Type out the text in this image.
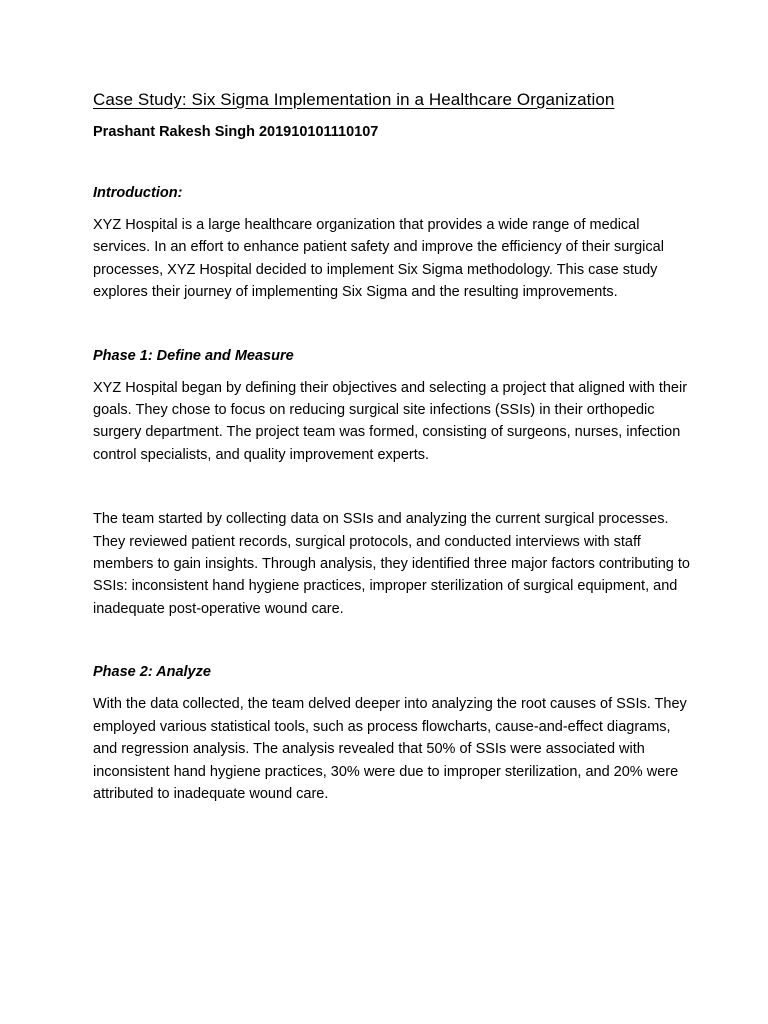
Case Study: Six Sigma Implementation in a Healthcare Organization

Prashant Rakesh Singh 201910101110107

Introduction:

XYZ Hospital is a large healthcare organization that provides a wide range of medical services. In an effort to enhance patient safety and improve the efficiency of their surgical processes, XYZ Hospital decided to implement Six Sigma methodology. This case study explores their journey of implementing Six Sigma and the resulting improvements.

Phase 1: Define and Measure

XYZ Hospital began by defining their objectives and selecting a project that aligned with their goals. They chose to focus on reducing surgical site infections (SSIs) in their orthopedic surgery department. The project team was formed, consisting of surgeons, nurses, infection control specialists, and quality improvement experts.

The team started by collecting data on SSIs and analyzing the current surgical processes. They reviewed patient records, surgical protocols, and conducted interviews with staff members to gain insights. Through analysis, they identified three major factors contributing to SSIs: inconsistent hand hygiene practices, improper sterilization of surgical equipment, and inadequate post-operative wound care.

Phase 2: Analyze

With the data collected, the team delved deeper into analyzing the root causes of SSIs. They employed various statistical tools, such as process flowcharts, cause-and-effect diagrams, and regression analysis. The analysis revealed that 50% of SSIs were associated with inconsistent hand hygiene practices, 30% were due to improper sterilization, and 20% were attributed to inadequate wound care.
